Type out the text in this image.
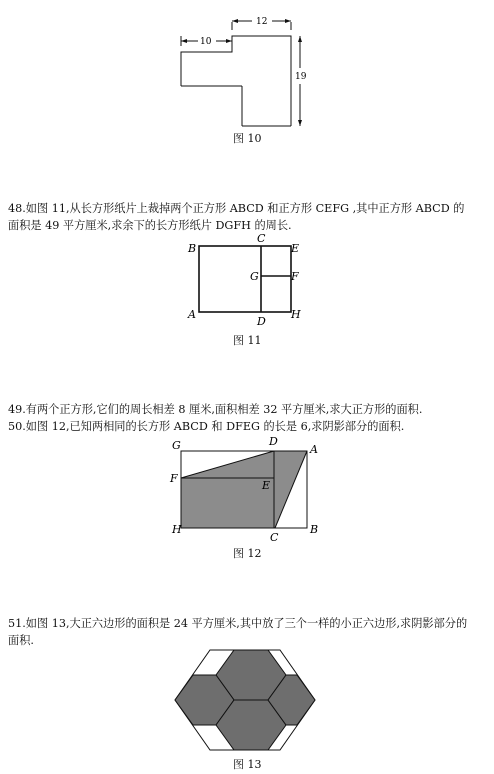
12
10
19
图 10
48.如图 11,从长方形纸片上裁掉两个正方形 ABCD 和正方形 CEFG ,其中正方形 ABCD 的
面积是 49 平方厘米,求余下的长方形纸片 DGFH 的周长.
B
C
E
G	F
A
D
H
图 11
49.有两个正方形,它们的周长相差 8 厘米,面积相差 32 平方厘米,求大正方形的面积.
50.如图 12,已知两相同的长方形 ABCD 和 DFEG 的长是 6,求阴影部分的面积.
G	D
A
F
E
H
C
B
图 12
51.如图 13,大正六边形的面积是 24 平方厘米,其中放了三个一样的小正六边形,求阴影部分的
面积.
图 13
